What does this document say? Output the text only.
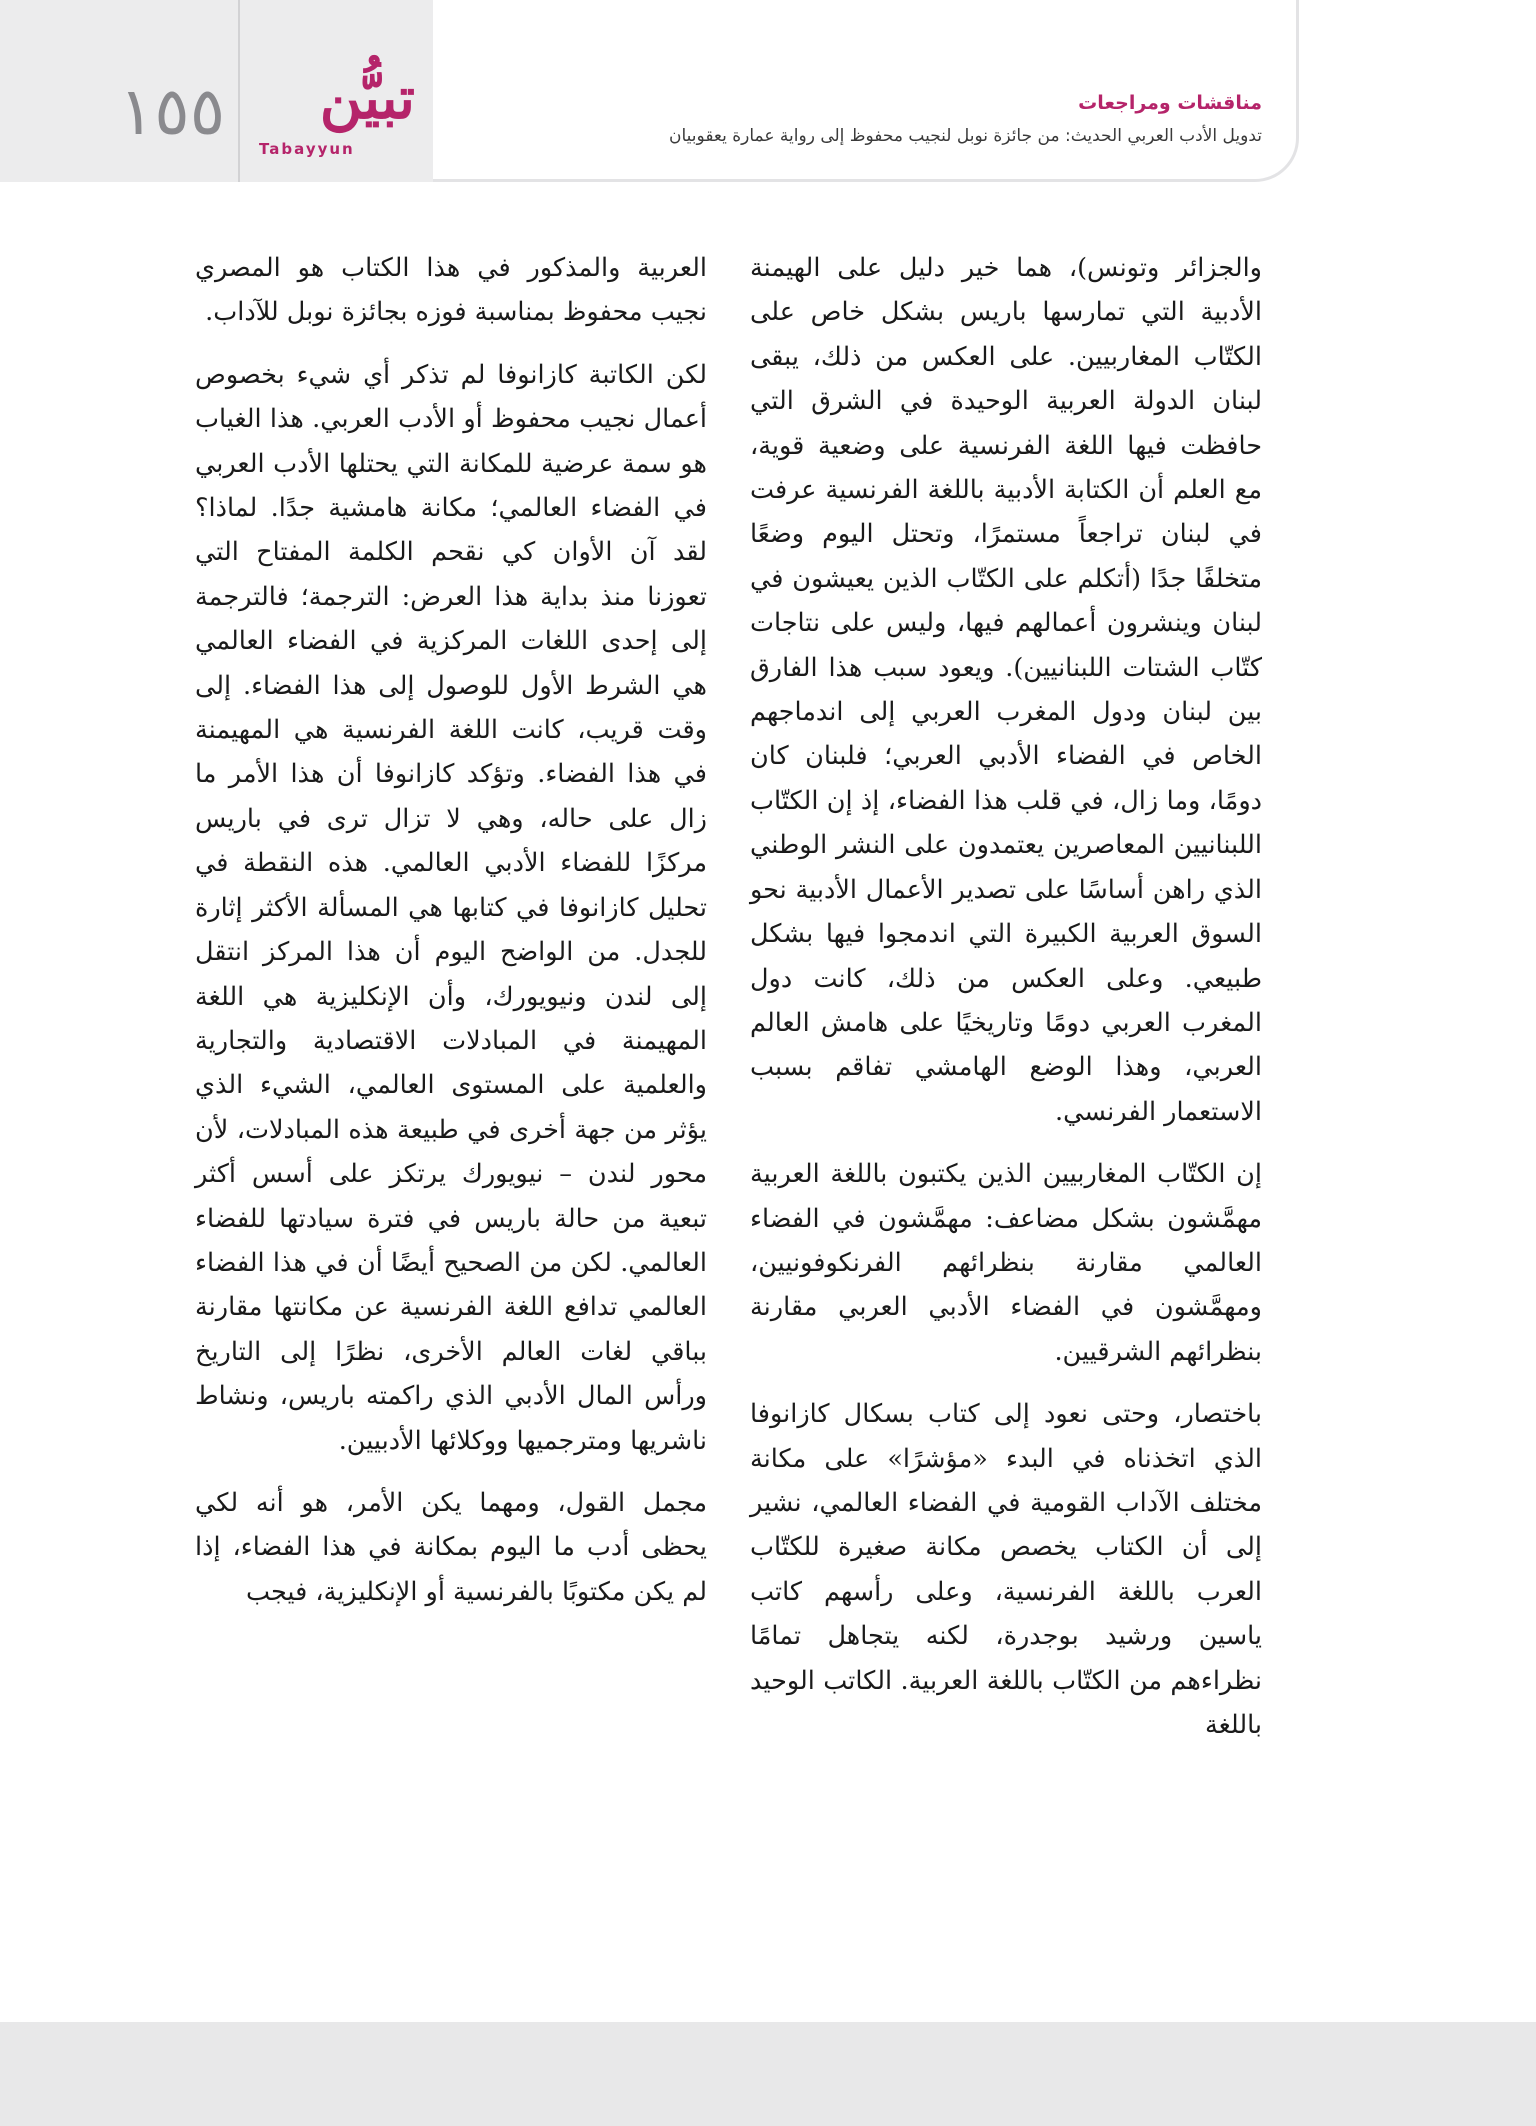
١٥٥ تبيُّن
Tabayyun
مناقشات ومراجعات
تدويل الأدب العربي الحديث: من جائزة نوبل لنجيب محفوظ إلى رواية عمارة يعقوبيان

والجزائر وتونس)، هما خير دليل على الهيمنة الأدبية التي تمارسها باريس بشكل خاص على الكتّاب المغاربيين. على العكس من ذلك، يبقى لبنان الدولة العربية الوحيدة في الشرق التي حافظت فيها اللغة الفرنسية على وضعية قوية، مع العلم أن الكتابة الأدبية باللغة الفرنسية عرفت في لبنان تراجعاً مستمرًا، وتحتل اليوم وضعًا متخلفًا جدًا (أتكلم على الكتّاب الذين يعيشون في لبنان وينشرون أعمالهم فيها، وليس على نتاجات كتّاب الشتات اللبنانيين). ويعود سبب هذا الفارق بين لبنان ودول المغرب العربي إلى اندماجهم الخاص في الفضاء الأدبي العربي؛ فلبنان كان دومًا، وما زال، في قلب هذا الفضاء، إذ إن الكتّاب اللبنانيين المعاصرين يعتمدون على النشر الوطني الذي راهن أساسًا على تصدير الأعمال الأدبية نحو السوق العربية الكبيرة التي اندمجوا فيها بشكل طبيعي. وعلى العكس من ذلك، كانت دول المغرب العربي دومًا وتاريخيًا على هامش العالم العربي، وهذا الوضع الهامشي تفاقم بسبب الاستعمار الفرنسي.

إن الكتّاب المغاربيين الذين يكتبون باللغة العربية مهمَّشون بشكل مضاعف: مهمَّشون في الفضاء العالمي مقارنة بنظرائهم الفرنكوفونيين، ومهمَّشون في الفضاء الأدبي العربي مقارنة بنظرائهم الشرقيين.

باختصار، وحتى نعود إلى كتاب بسكال كازانوفا الذي اتخذناه في البدء «مؤشرًا» على مكانة مختلف الآداب القومية في الفضاء العالمي، نشير إلى أن الكتاب يخصص مكانة صغيرة للكتّاب العرب باللغة الفرنسية، وعلى رأسهم كاتب ياسين ورشيد بوجدرة، لكنه يتجاهل تمامًا نظراءهم من الكتّاب باللغة العربية. الكاتب الوحيد باللغة

العربية والمذكور في هذا الكتاب هو المصري نجيب محفوظ بمناسبة فوزه بجائزة نوبل للآداب.

لكن الكاتبة كازانوفا لم تذكر أي شيء بخصوص أعمال نجيب محفوظ أو الأدب العربي. هذا الغياب هو سمة عرضية للمكانة التي يحتلها الأدب العربي في الفضاء العالمي؛ مكانة هامشية جدًا. لماذا؟ لقد آن الأوان كي نقحم الكلمة المفتاح التي تعوزنا منذ بداية هذا العرض: الترجمة؛ فالترجمة إلى إحدى اللغات المركزية في الفضاء العالمي هي الشرط الأول للوصول إلى هذا الفضاء. إلى وقت قريب، كانت اللغة الفرنسية هي المهيمنة في هذا الفضاء. وتؤكد كازانوفا أن هذا الأمر ما زال على حاله، وهي لا تزال ترى في باريس مركزًا للفضاء الأدبي العالمي. هذه النقطة في تحليل كازانوفا في كتابها هي المسألة الأكثر إثارة للجدل. من الواضح اليوم أن هذا المركز انتقل إلى لندن ونيويورك، وأن الإنكليزية هي اللغة المهيمنة في المبادلات الاقتصادية والتجارية والعلمية على المستوى العالمي، الشيء الذي يؤثر من جهة أخرى في طبيعة هذه المبادلات، لأن محور لندن – نيويورك يرتكز على أسس أكثر تبعية من حالة باريس في فترة سيادتها للفضاء العالمي. لكن من الصحيح أيضًا أن في هذا الفضاء العالمي تدافع اللغة الفرنسية عن مكانتها مقارنة بباقي لغات العالم الأخرى، نظرًا إلى التاريخ ورأس المال الأدبي الذي راكمته باريس، ونشاط ناشريها ومترجميها ووكلائها الأدبيين.

مجمل القول، ومهما يكن الأمر، هو أنه لكي يحظى أدب ما اليوم بمكانة في هذا الفضاء، إذا لم يكن مكتوبًا بالفرنسية أو الإنكليزية، فيجب
